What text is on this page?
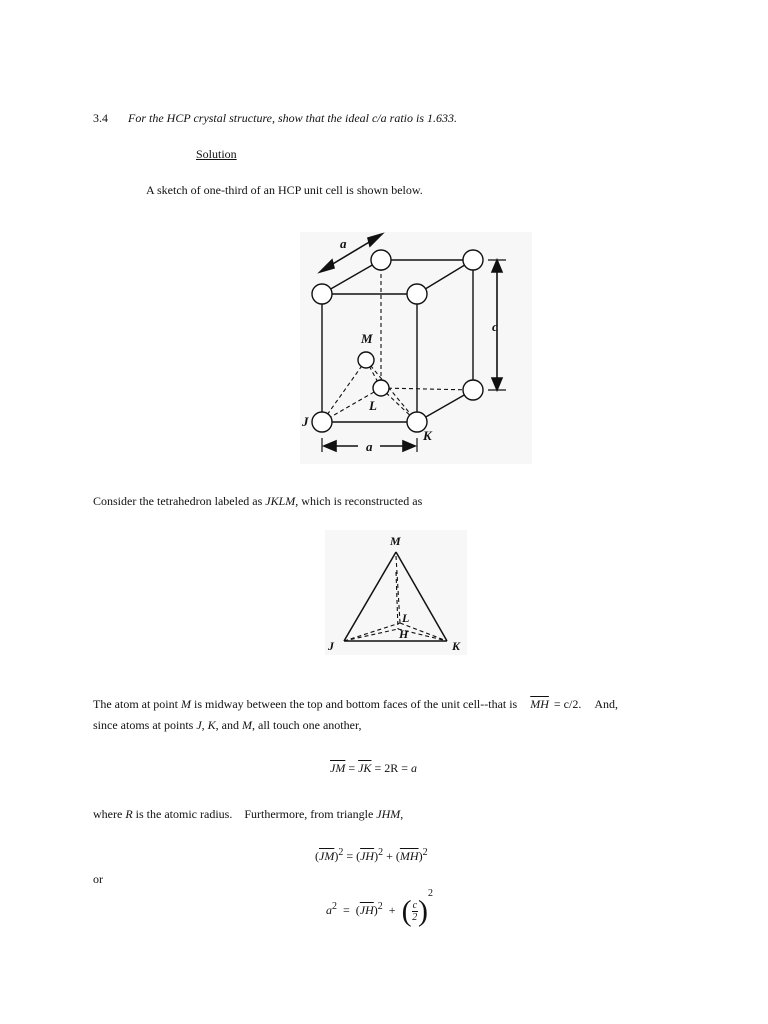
3.4 For the HCP crystal structure, show that the ideal c/a ratio is 1.633.
Solution
A sketch of one-third of an HCP unit cell is shown below.
a
c
M
L
J
K
a
Consider the tetrahedron labeled as JKLM, which is reconstructed as
M
L
H
J	K
The atom at point M is midway between the top and bottom faces of the unit cell--that is $\overline{MH} = c/2$. And,
since atoms at points J, K, and M, all touch one another,
$\overline{JM} = \overline{JK} = 2R = a$
where R is the atomic radius.    Furthermore, from triangle JHM,
$(\overline{JM})^2 = (\overline{JH})^2 + (\overline{MH})^2$
or
$a^2 = (\overline{JH})^2$  +  ( $\frac{c}{2} )^2$
